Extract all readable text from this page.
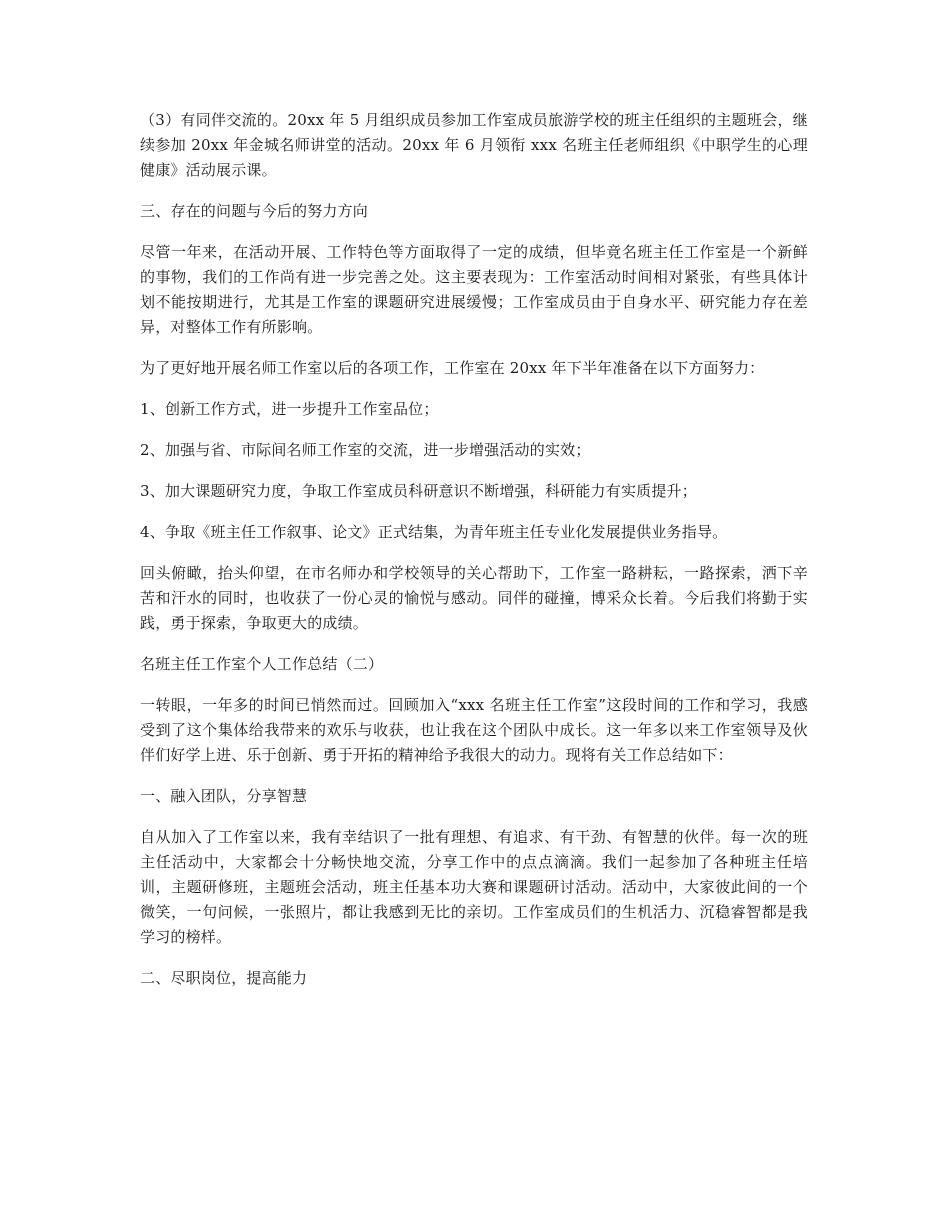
（3）有同伴交流的。20xx 年 5 月组织成员参加工作室成员旅游学校的班主任组织的主题班会，继续参加 20xx 年金城名师讲堂的活动。20xx 年 6 月领衔 xxx 名班主任老师组织《中职学生的心理健康》活动展示课。

三、存在的问题与今后的努力方向

尽管一年来，在活动开展、工作特色等方面取得了一定的成绩，但毕竟名班主任工作室是一个新鲜的事物，我们的工作尚有进一步完善之处。这主要表现为：工作室活动时间相对紧张，有些具体计划不能按期进行，尤其是工作室的课题研究进展缓慢；工作室成员由于自身水平、研究能力存在差异，对整体工作有所影响。

为了更好地开展名师工作室以后的各项工作，工作室在 20xx 年下半年准备在以下方面努力：

1、创新工作方式，进一步提升工作室品位；

2、加强与省、市际间名师工作室的交流，进一步增强活动的实效；

3、加大课题研究力度，争取工作室成员科研意识不断增强，科研能力有实质提升；

4、争取《班主任工作叙事、论文》正式结集，为青年班主任专业化发展提供业务指导。

回头俯瞰，抬头仰望，在市名师办和学校领导的关心帮助下，工作室一路耕耘，一路探索，洒下辛苦和汗水的同时，也收获了一份心灵的愉悦与感动。同伴的碰撞，博采众长着。今后我们将勤于实践，勇于探索，争取更大的成绩。

名班主任工作室个人工作总结（二）

一转眼，一年多的时间已悄然而过。回顾加入“xxx 名班主任工作室”这段时间的工作和学习，我感受到了这个集体给我带来的欢乐与收获，也让我在这个团队中成长。这一年多以来工作室领导及伙伴们好学上进、乐于创新、勇于开拓的精神给予我很大的动力。现将有关工作总结如下：

一、融入团队，分享智慧

自从加入了工作室以来，我有幸结识了一批有理想、有追求、有干劲、有智慧的伙伴。每一次的班主任活动中，大家都会十分畅快地交流，分享工作中的点点滴滴。我们一起参加了各种班主任培训，主题研修班，主题班会活动，班主任基本功大赛和课题研讨活动。活动中，大家彼此间的一个微笑，一句问候，一张照片，都让我感到无比的亲切。工作室成员们的生机活力、沉稳睿智都是我学习的榜样。

二、尽职岗位，提高能力
